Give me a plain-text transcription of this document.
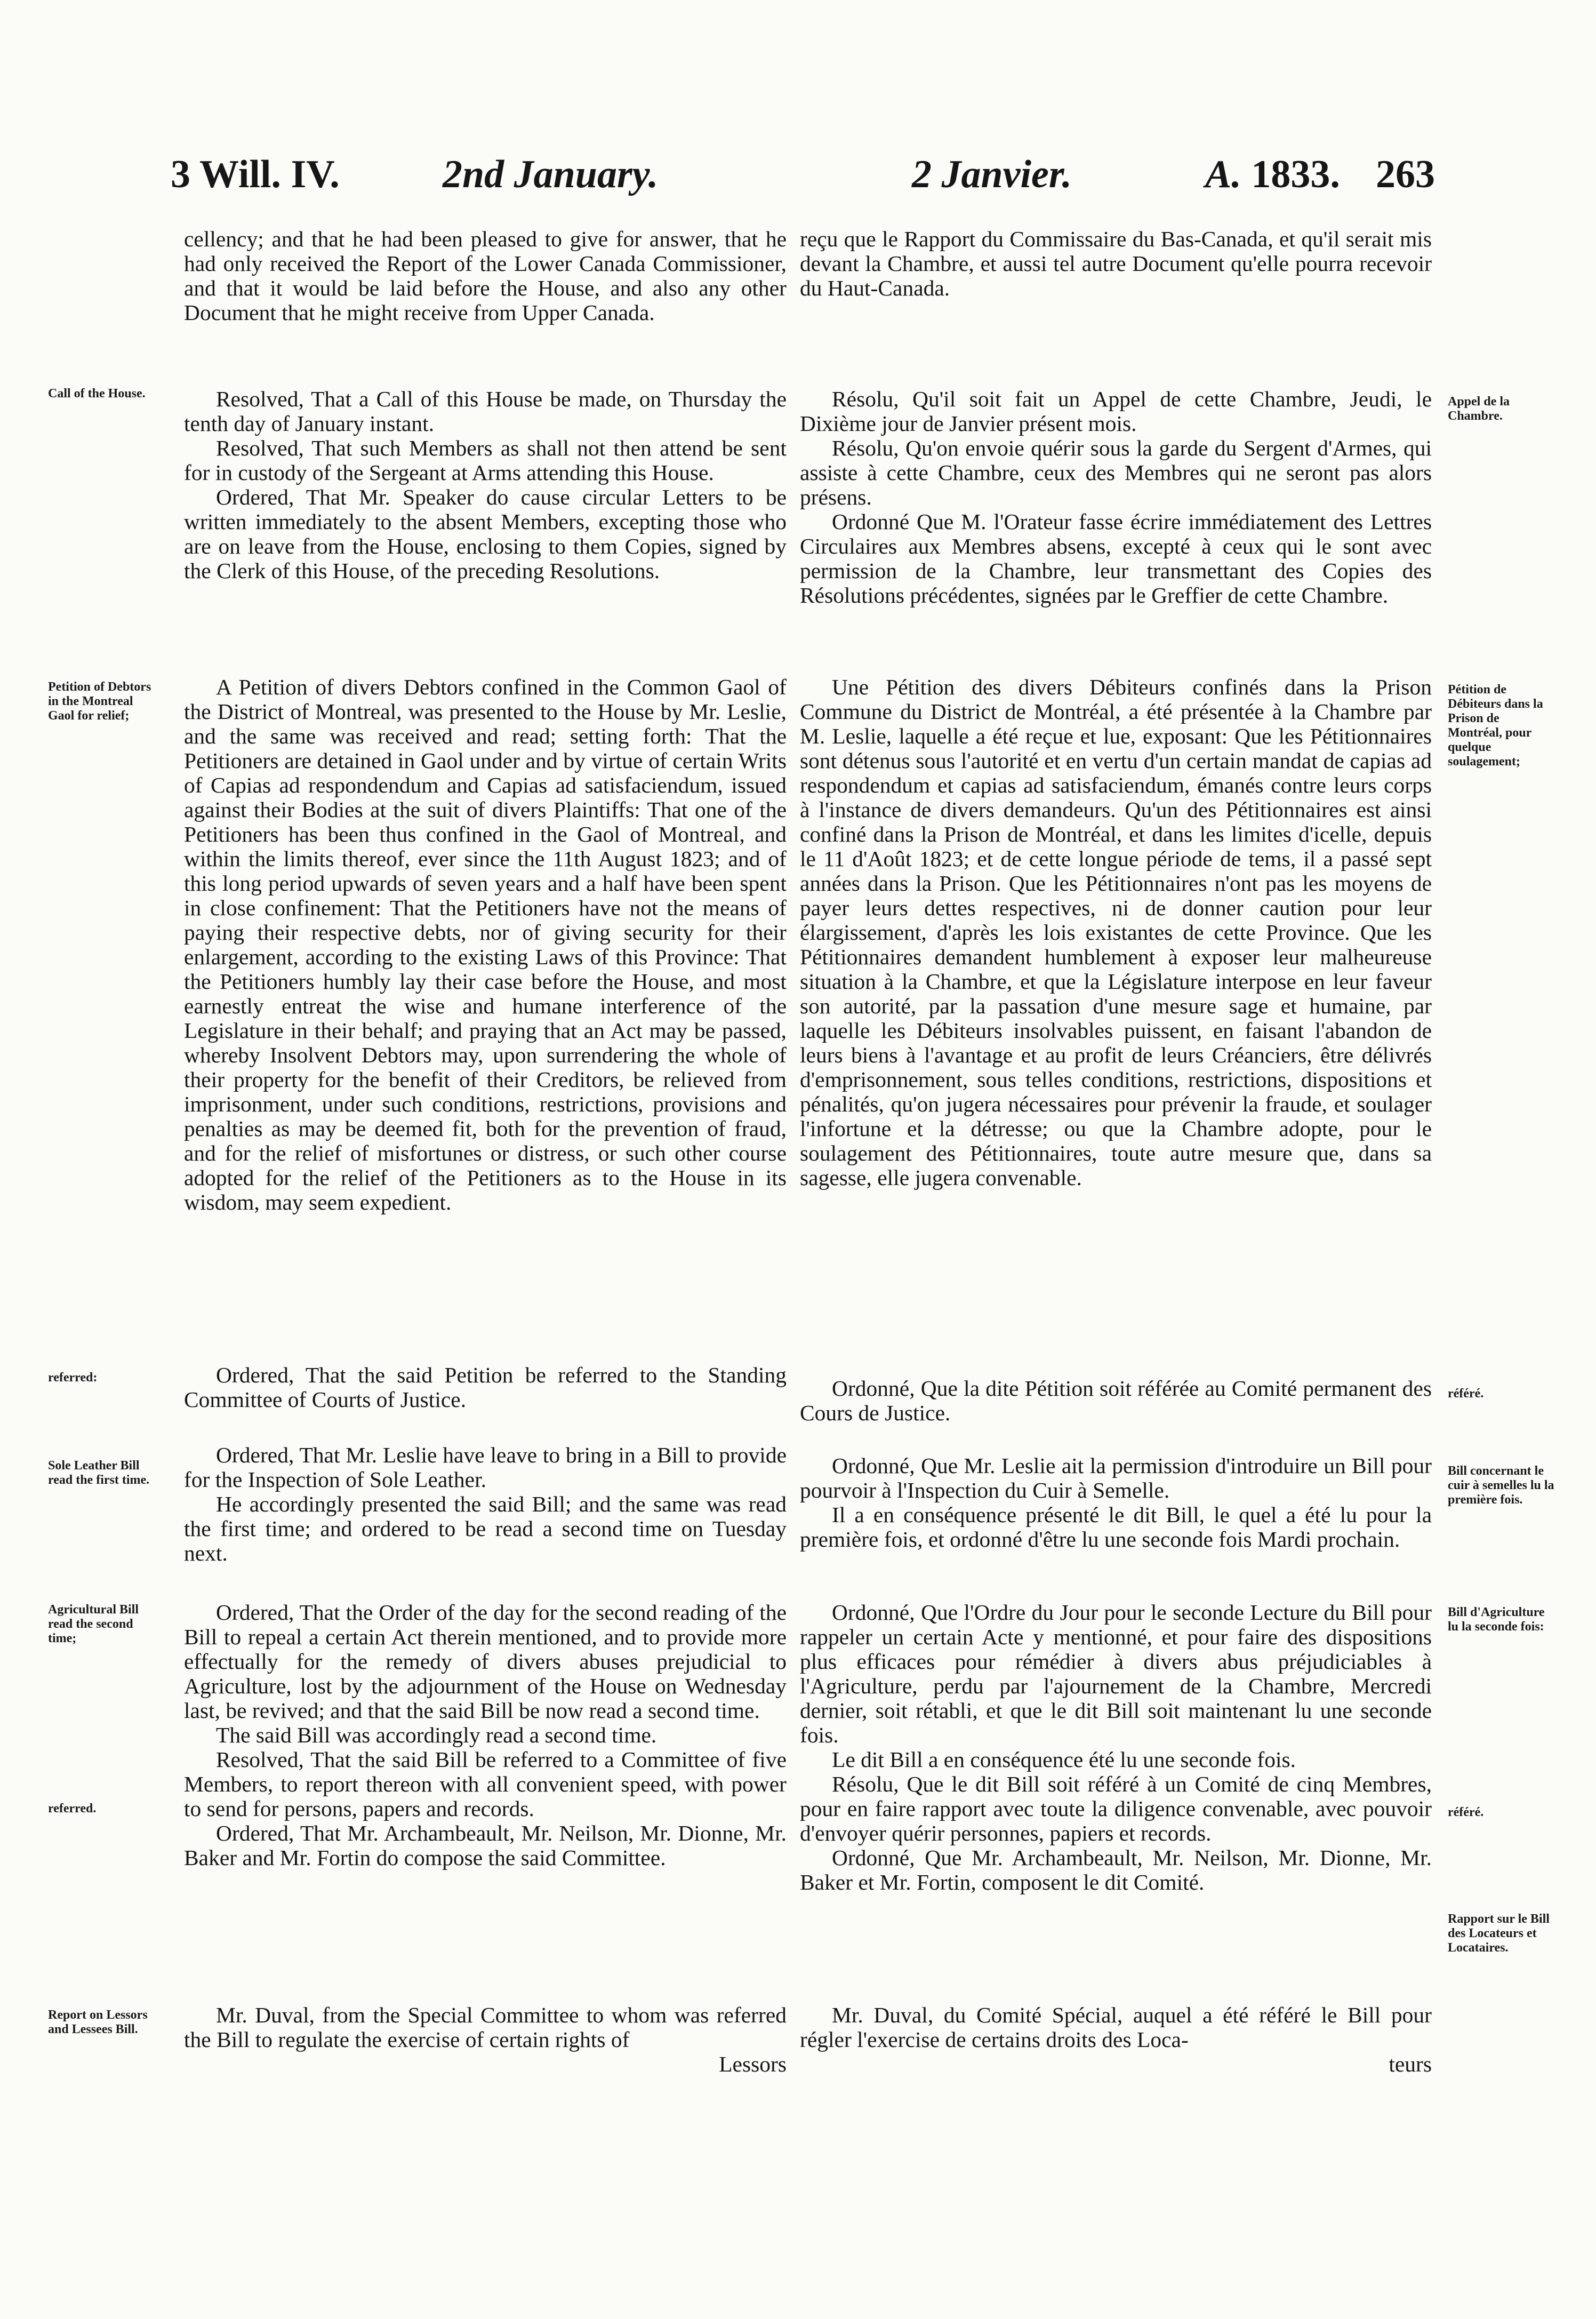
3 Will. IV.	2nd January.	2 Janvier.	A. 1833. 263
Call of the House.
Petition of Debtors in the Montreal Gaol for relief;
referred:
Sole Leather Bill read the first time.
Agricultural Bill read the second time;
referred.
Report on Lessors and Lessees Bill.
Appel de la Chambre.
Pétition de Débiteurs dans la Prison de Montréal, pour quelque soulagement;
référé.
Bill concernant le cuir à semelles lu la première fois.
Bill d'Agriculture lu la seconde fois:
référé.
Rapport sur le Bill des Locateurs et Locataires.

cellency; and that he had been pleased to give for answer, that he had only received the Report of the Lower Canada Commissioner, and that it would be laid before the House, and also any other Document that he might receive from Upper Canada.

Resolved, That a Call of this House be made, on Thursday the tenth day of January instant.

Resolved, That such Members as shall not then attend be sent for in custody of the Sergeant at Arms attending this House.

Ordered, That Mr. Speaker do cause circular Letters to be written immediately to the absent Members, excepting those who are on leave from the House, enclosing to them Copies, signed by the Clerk of this House, of the preceding Resolutions.

A Petition of divers Debtors confined in the Common Gaol of the District of Montreal, was presented to the House by Mr. Leslie, and the same was received and read; setting forth: That the Petitioners are detained in Gaol under and by virtue of certain Writs of Capias ad respondendum and Capias ad satisfaciendum, issued against their Bodies at the suit of divers Plaintiffs: That one of the Petitioners has been thus confined in the Gaol of Montreal, and within the limits thereof, ever since the 11th August 1823; and of this long period upwards of seven years and a half have been spent in close confinement: That the Petitioners have not the means of paying their respective debts, nor of giving security for their enlargement, according to the existing Laws of this Province: That the Petitioners humbly lay their case before the House, and most earnestly entreat the wise and humane interference of the Legislature in their behalf; and praying that an Act may be passed, whereby Insolvent Debtors may, upon surrendering the whole of their property for the benefit of their Creditors, be relieved from imprisonment, under such conditions, restrictions, provisions and penalties as may be deemed fit, both for the prevention of fraud, and for the relief of misfortunes or distress, or such other course adopted for the relief of the Petitioners as to the House in its wisdom, may seem expedient.

Ordered, That the said Petition be referred to the Standing Committee of Courts of Justice.

Ordered, That Mr. Leslie have leave to bring in a Bill to provide for the Inspection of Sole Leather.

He accordingly presented the said Bill; and the same was read the first time; and ordered to be read a second time on Tuesday next.

Ordered, That the Order of the day for the second reading of the Bill to repeal a certain Act therein mentioned, and to provide more effectually for the remedy of divers abuses prejudicial to Agriculture, lost by the adjournment of the House on Wednesday last, be revived; and that the said Bill be now read a second time.

The said Bill was accordingly read a second time.

Resolved, That the said Bill be referred to a Committee of five Members, to report thereon with all convenient speed, with power to send for persons, papers and records.

Ordered, That Mr. Archambeault, Mr. Neilson, Mr. Dionne, Mr. Baker and Mr. Fortin do compose the said Committee.

Mr. Duval, from the Special Committee to whom was referred the Bill to regulate the exercise of certain rights of

Lessors

reçu que le Rapport du Commissaire du Bas-Canada, et qu'il serait mis devant la Chambre, et aussi tel autre Document qu'elle pourra recevoir du Haut-Canada.

Résolu, Qu'il soit fait un Appel de cette Chambre, Jeudi, le Dixième jour de Janvier présent mois.

Résolu, Qu'on envoie quérir sous la garde du Sergent d'Armes, qui assiste à cette Chambre, ceux des Membres qui ne seront pas alors présens.

Ordonné Que M. l'Orateur fasse écrire immédiatement des Lettres Circulaires aux Membres absens, excepté à ceux qui le sont avec permission de la Chambre, leur transmettant des Copies des Résolutions précédentes, signées par le Greffier de cette Chambre.

Une Pétition des divers Débiteurs confinés dans la Prison Commune du District de Montréal, a été présentée à la Chambre par M. Leslie, laquelle a été reçue et lue, exposant: Que les Pétitionnaires sont détenus sous l'autorité et en vertu d'un certain mandat de capias ad respondendum et capias ad satisfaciendum, émanés contre leurs corps à l'instance de divers demandeurs. Qu'un des Pétitionnaires est ainsi confiné dans la Prison de Montréal, et dans les limites d'icelle, depuis le 11 d'Août 1823; et de cette longue période de tems, il a passé sept années dans la Prison. Que les Pétitionnaires n'ont pas les moyens de payer leurs dettes respectives, ni de donner caution pour leur élargissement, d'après les lois existantes de cette Province. Que les Pétitionnaires demandent humblement à exposer leur malheureuse situation à la Chambre, et que la Législature interpose en leur faveur son autorité, par la passation d'une mesure sage et humaine, par laquelle les Débiteurs insolvables puissent, en faisant l'abandon de leurs biens à l'avantage et au profit de leurs Créanciers, être délivrés d'emprisonnement, sous telles conditions, restrictions, dispositions et pénalités, qu'on jugera nécessaires pour prévenir la fraude, et soulager l'infortune et la détresse; ou que la Chambre adopte, pour le soulagement des Pétitionnaires, toute autre mesure que, dans sa sagesse, elle jugera convenable.

Ordonné, Que la dite Pétition soit référée au Comité permanent des Cours de Justice.

Ordonné, Que Mr. Leslie ait la permission d'introduire un Bill pour pourvoir à l'Inspection du Cuir à Semelle.

Il a en conséquence présenté le dit Bill, le quel a été lu pour la première fois, et ordonné d'être lu une seconde fois Mardi prochain.

Ordonné, Que l'Ordre du Jour pour le seconde Lecture du Bill pour rappeler un certain Acte y mentionné, et pour faire des dispositions plus efficaces pour rémédier à divers abus préjudiciables à l'Agriculture, perdu par l'ajournement de la Chambre, Mercredi dernier, soit rétabli, et que le dit Bill soit maintenant lu une seconde fois.

Le dit Bill a en conséquence été lu une seconde fois.

Résolu, Que le dit Bill soit référé à un Comité de cinq Membres, pour en faire rapport avec toute la diligence convenable, avec pouvoir d'envoyer quérir personnes, papiers et records.

Ordonné, Que Mr. Archambeault, Mr. Neilson, Mr. Dionne, Mr. Baker et Mr. Fortin, composent le dit Comité.

Mr. Duval, du Comité Spécial, auquel a été référé le Bill pour régler l'exercise de certains droits des Loca-

teurs
